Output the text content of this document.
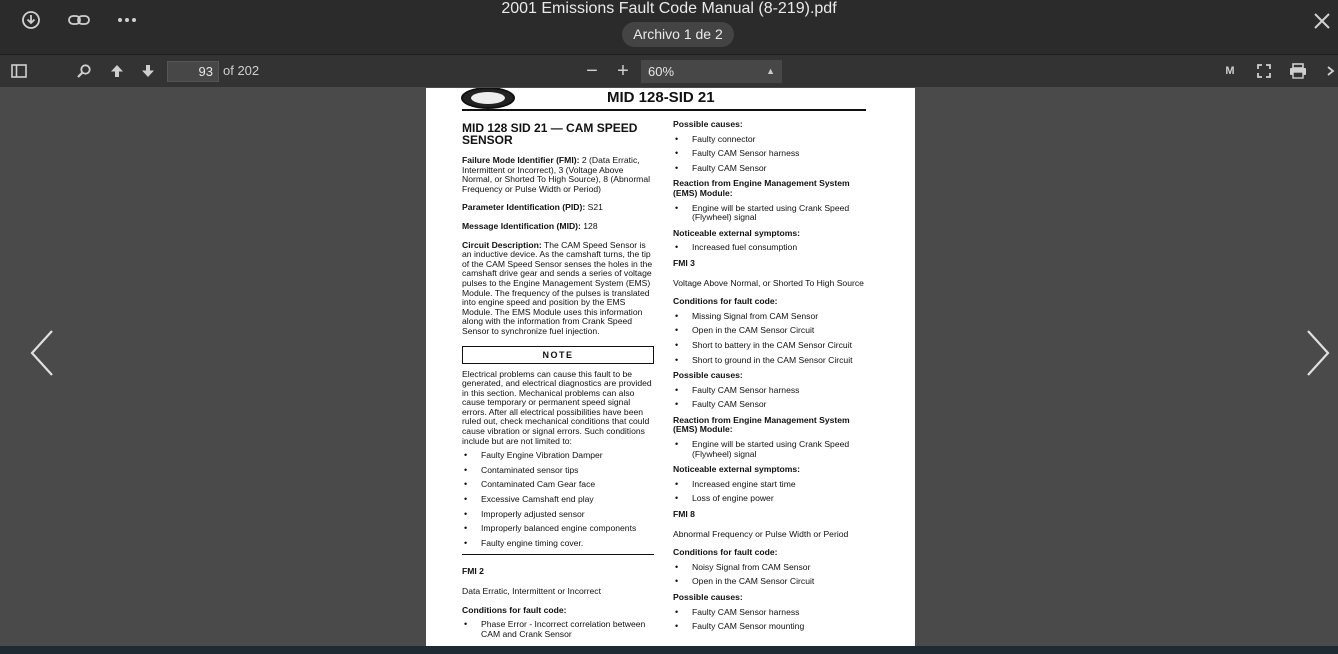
2001 Emissions Fault Code Manual (8-219).pdf
Archivo 1 de 2
93 of 202	− +	60%	▲	M
MID 128-SID 21
MID 128 SID 21 — CAM SPEED SENSOR
Failure Mode Identifier (FMI): 2 (Data Erratic, Intermittent or Incorrect), 3 (Voltage Above Normal, or Shorted To High Source), 8 (Abnormal Frequency or Pulse Width or Period)
Parameter Identification (PID): S21
Message Identification (MID): 128
Circuit Description: The CAM Speed Sensor is an inductive device. As the camshaft turns, the tip of the CAM Speed Sensor senses the holes in the camshaft drive gear and sends a series of voltage pulses to the Engine Management System (EMS) Module. The frequency of the pulses is translated into engine speed and position by the EMS Module. The EMS Module uses this information along with the information from Crank Speed Sensor to synchronize fuel injection.
NOTE
Electrical problems can cause this fault to be generated, and electrical diagnostics are provided in this section. Mechanical problems can also cause temporary or permanent speed signal errors. After all electrical possibilities have been ruled out, check mechanical conditions that could cause vibration or signal errors. Such conditions include but are not limited to:
• Faulty Engine Vibration Damper
• Contaminated sensor tips
• Contaminated Cam Gear face
• Excessive Camshaft end play
• Improperly adjusted sensor
• Improperly balanced engine components
• Faulty engine timing cover.
FMI 2
Data Erratic, Intermittent or Incorrect
Conditions for fault code:
• Phase Error - Incorrect correlation between CAM and Crank Sensor
Possible causes:
• Faulty connector
• Faulty CAM Sensor harness
• Faulty CAM Sensor
Reaction from Engine Management System (EMS) Module:
• Engine will be started using Crank Speed (Flywheel) signal
Noticeable external symptoms:
• Increased fuel consumption
FMI 3
Voltage Above Normal, or Shorted To High Source
Conditions for fault code:
• Missing Signal from CAM Sensor
• Open in the CAM Sensor Circuit
• Short to battery in the CAM Sensor Circuit
• Short to ground in the CAM Sensor Circuit
Possible causes:
• Faulty CAM Sensor harness
• Faulty CAM Sensor
Reaction from Engine Management System (EMS) Module:
• Engine will be started using Crank Speed (Flywheel) signal
Noticeable external symptoms:
• Increased engine start time
• Loss of engine power
FMI 8
Abnormal Frequency or Pulse Width or Period
Conditions for fault code:
• Noisy Signal from CAM Sensor
• Open in the CAM Sensor Circuit
Possible causes:
• Faulty CAM Sensor harness
• Faulty CAM Sensor mounting
